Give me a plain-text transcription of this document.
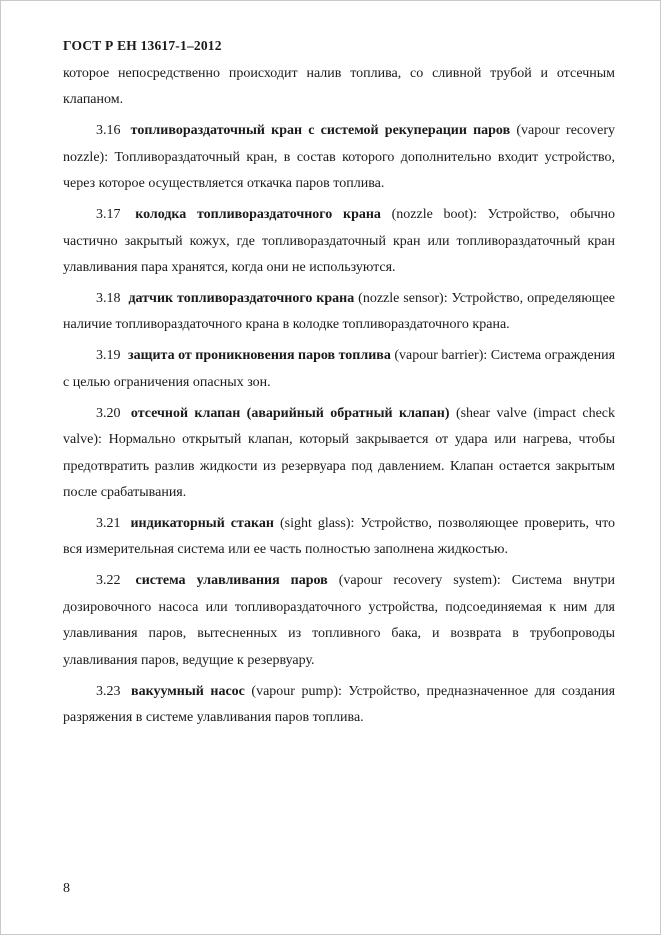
ГОСТ Р ЕН 13617-1–2012

которое непосредственно происходит налив топлива, со сливной трубой и отсечным клапаном.

3.16 топливораздаточный кран с системой рекуперации паров (vapour recovery nozzle): Топливораздаточный кран, в состав которого дополнительно входит устройство, через которое осуществляется откачка паров топлива.

3.17 колодка топливораздаточного крана (nozzle boot): Устройство, обычно частично закрытый кожух, где топливораздаточный кран или топливораздаточный кран улавливания пара хранятся, когда они не используются.

3.18 датчик топливораздаточного крана (nozzle sensor): Устройство, определяющее наличие топливораздаточного крана в колодке топливораздаточного крана.

3.19 защита от проникновения паров топлива (vapour barrier): Система ограждения с целью ограничения опасных зон.

3.20 отсечной клапан (аварийный обратный клапан) (shear valve (impact check valve): Нормально открытый клапан, который закрывается от удара или нагрева, чтобы предотвратить разлив жидкости из резервуара под давлением. Клапан остается закрытым после срабатывания.

3.21 индикаторный стакан (sight glass): Устройство, позволяющее проверить, что вся измерительная система или ее часть полностью заполнена жидкостью.

3.22 система улавливания паров (vapour recovery system): Система внутри дозировочного насоса или топливораздаточного устройства, подсоединяемая к ним для улавливания паров, вытесненных из топливного бака, и возврата в трубопроводы улавливания паров, ведущие к резервуару.

3.23 вакуумный насос (vapour pump): Устройство, предназначенное для создания разряжения в системе улавливания паров топлива.

8
